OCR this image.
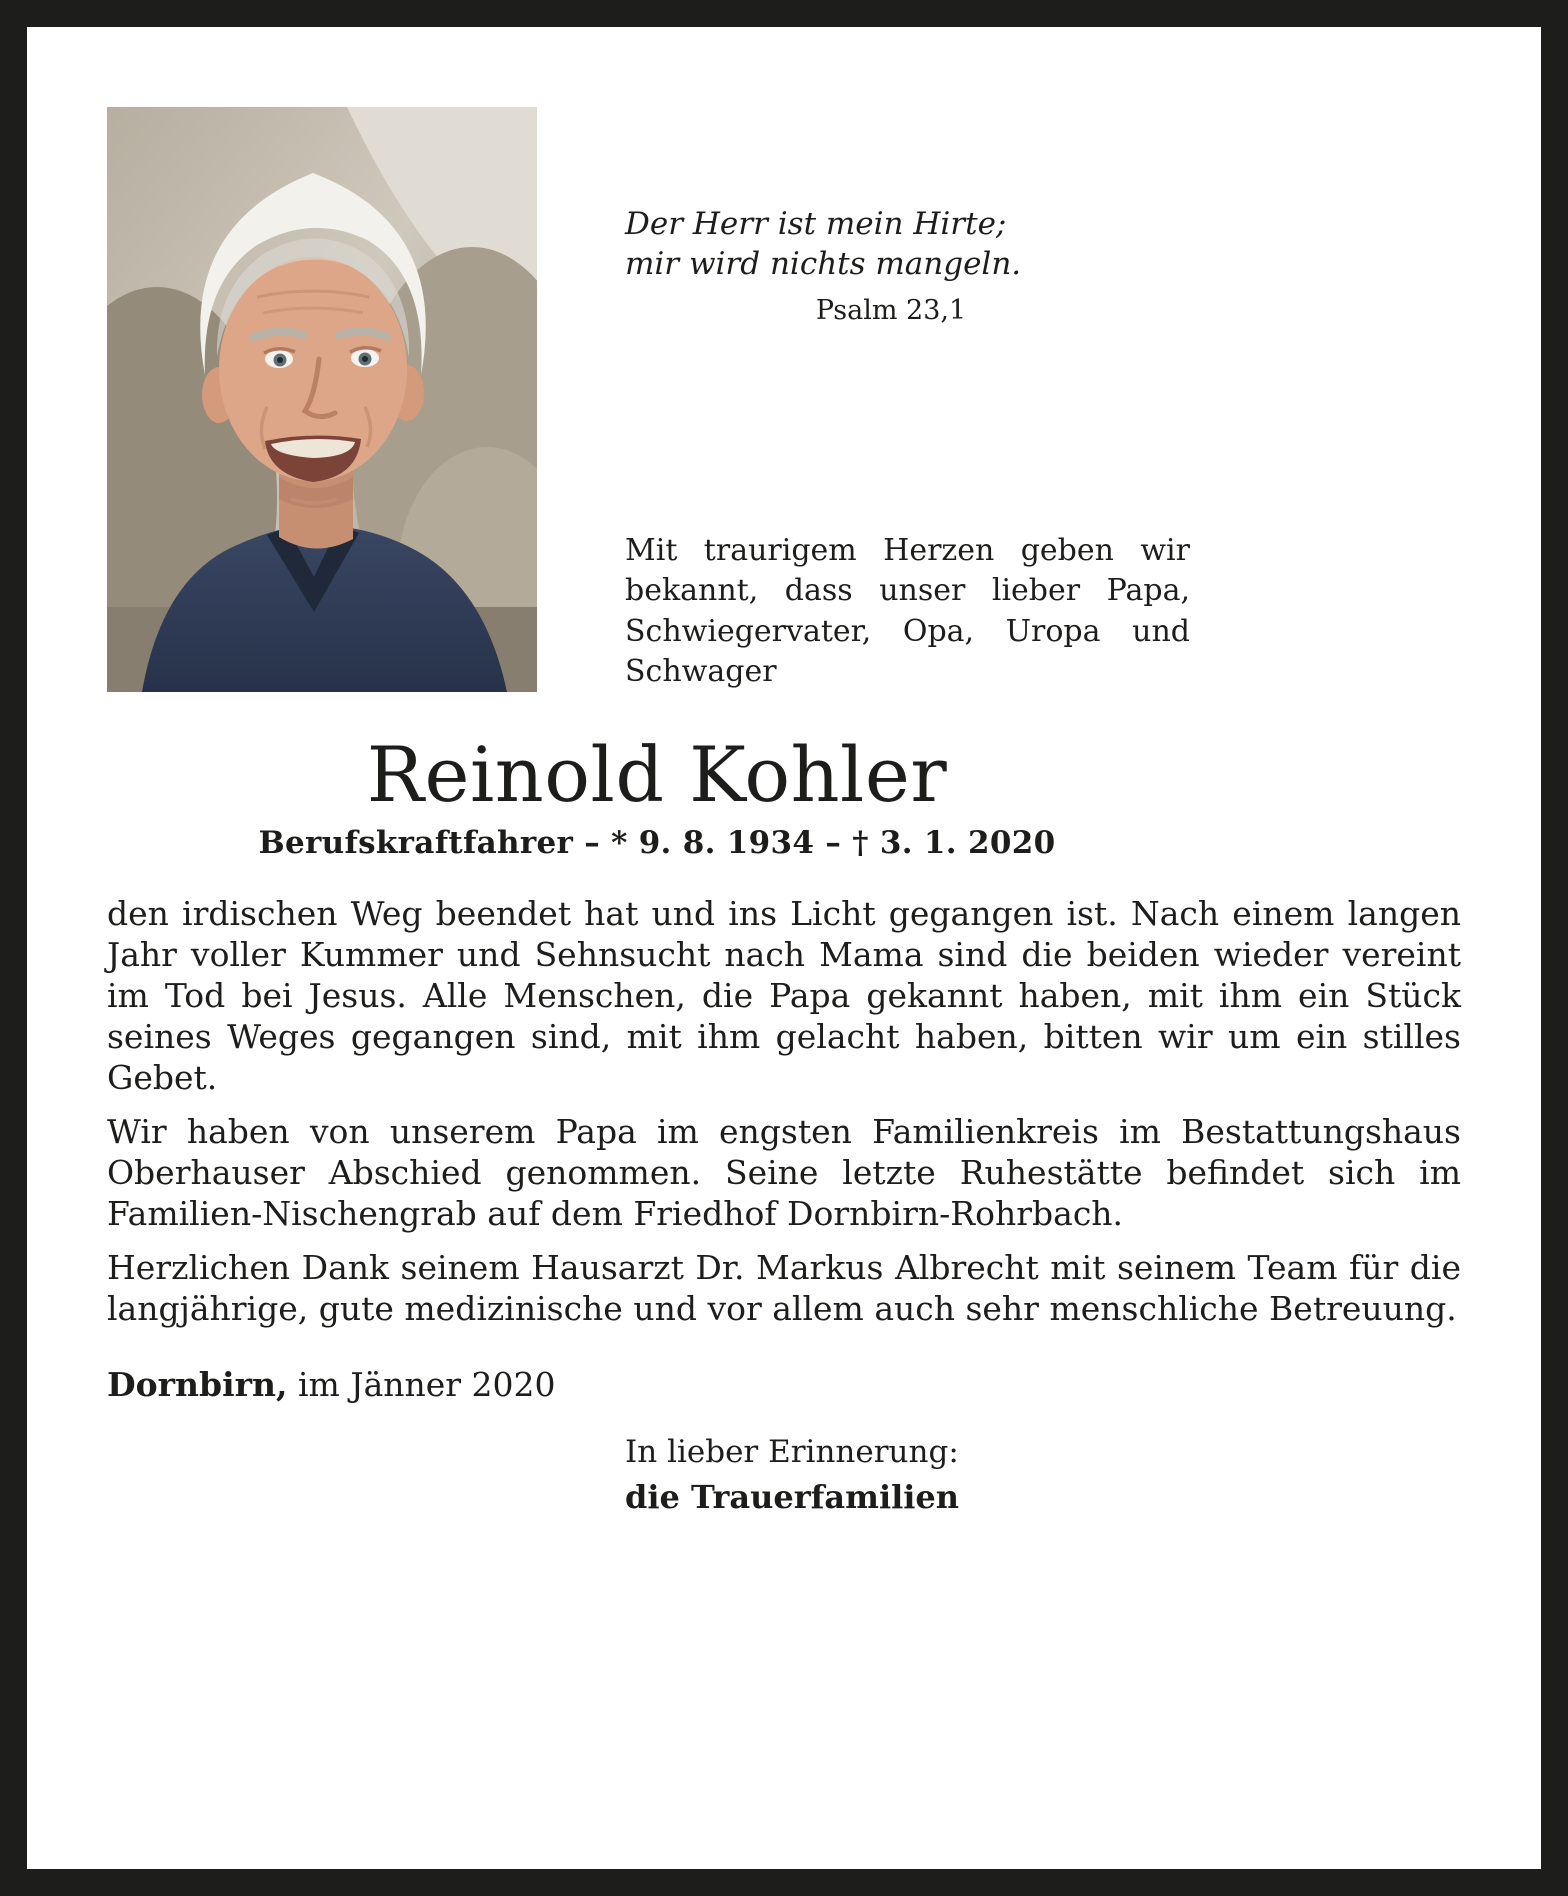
Der Herr ist mein Hirte;
mir wird nichts mangeln.
Psalm 23,1
Mit traurigem Herzen geben wir bekannt, dass unser lieber Papa, Schwiegervater, Opa, Uropa und Schwager
Reinold Kohler
Berufskraftfahrer – * 9. 8. 1934 – † 3. 1. 2020

den irdischen Weg beendet hat und ins Licht gegangen ist. Nach einem langen Jahr voller Kummer und Sehnsucht nach Mama sind die beiden wieder vereint im Tod bei Jesus. Alle Menschen, die Papa gekannt haben, mit ihm ein Stück seines Weges gegangen sind, mit ihm gelacht haben, bitten wir um ein stilles Gebet.

Wir haben von unserem Papa im engsten Familienkreis im Bestattungshaus Oberhauser Abschied genommen. Seine letzte Ruhestätte befindet sich im Familien-Nischengrab auf dem Friedhof Dornbirn-Rohrbach.

Herzlichen Dank seinem Hausarzt Dr. Markus Albrecht mit seinem Team für die langjährige, gute medizinische und vor allem auch sehr menschliche Betreuung.

Dornbirn, im Jänner 2020
In lieber Erinnerung:
die Trauerfamilien
